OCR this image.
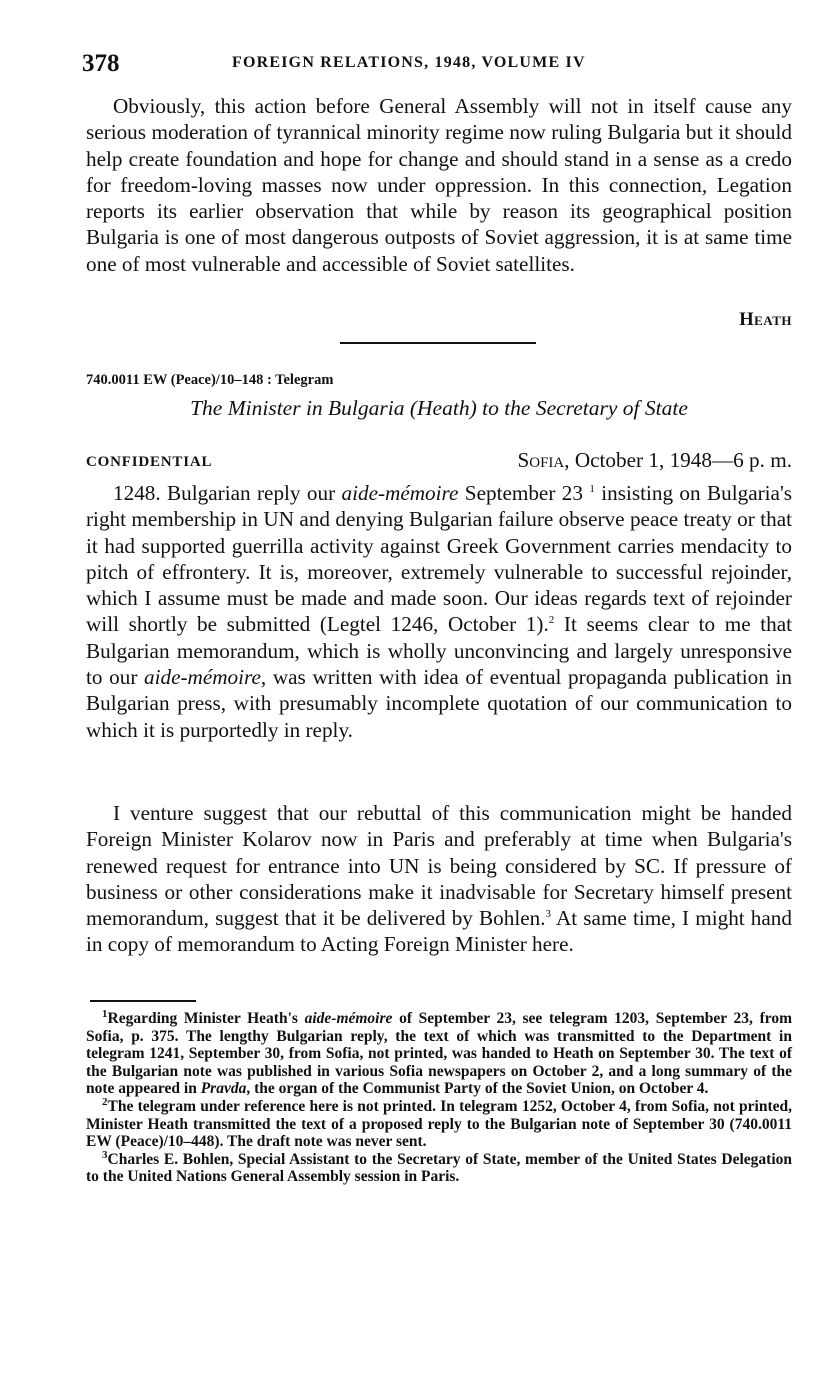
378	FOREIGN RELATIONS, 1948, VOLUME IV

Obviously, this action before General Assembly will not in itself cause any serious moderation of tyrannical minority regime now ruling Bulgaria but it should help create foundation and hope for change and should stand in a sense as a credo for freedom-loving masses now under oppression. In this connection, Legation reports its earlier observation that while by reason its geographical position Bulgaria is one of most dangerous outposts of Soviet aggression, it is at same time one of most vulnerable and accessible of Soviet satellites.

Heath
740.0011 EW (Peace)/10–148 : Telegram
The Minister in Bulgaria (Heath) to the Secretary of State
CONFIDENTIAL	Sofia, October 1, 1948—6 p. m.

1248. Bulgarian reply our aide-mémoire September 23 $^1$ insisting on Bulgaria's right membership in UN and denying Bulgarian failure observe peace treaty or that it had supported guerrilla activity against Greek Government carries mendacity to pitch of effrontery. It is, moreover, extremely vulnerable to successful rejoinder, which I assume must be made and made soon. Our ideas regards text of rejoinder will shortly be submitted (Legtel 1246, October 1).$^2$ It seems clear to me that Bulgarian memorandum, which is wholly unconvincing and largely unresponsive to our aide-mémoire, was written with idea of eventual propaganda publication in Bulgarian press, with presumably incomplete quotation of our communication to which it is purportedly in reply.

I venture suggest that our rebuttal of this communication might be handed Foreign Minister Kolarov now in Paris and preferably at time when Bulgaria's renewed request for entrance into UN is being considered by SC. If pressure of business or other considerations make it inadvisable for Secretary himself present memorandum, suggest that it be delivered by Bohlen.$^3$ At same time, I might hand in copy of memorandum to Acting Foreign Minister here.

$^1$Regarding Minister Heath's aide-mémoire of September 23, see telegram 1203, September 23, from Sofia, p. 375. The lengthy Bulgarian reply, the text of which was transmitted to the Department in telegram 1241, September 30, from Sofia, not printed, was handed to Heath on September 30. The text of the Bulgarian note was published in various Sofia newspapers on October 2, and a long summary of the note appeared in Pravda, the organ of the Communist Party of the Soviet Union, on October 4.

$^2$The telegram under reference here is not printed. In telegram 1252, October 4, from Sofia, not printed, Minister Heath transmitted the text of a proposed reply to the Bulgarian note of September 30 (740.0011 EW (Peace)/10–448). The draft note was never sent.

$^3$Charles E. Bohlen, Special Assistant to the Secretary of State, member of the United States Delegation to the United Nations General Assembly session in Paris.
